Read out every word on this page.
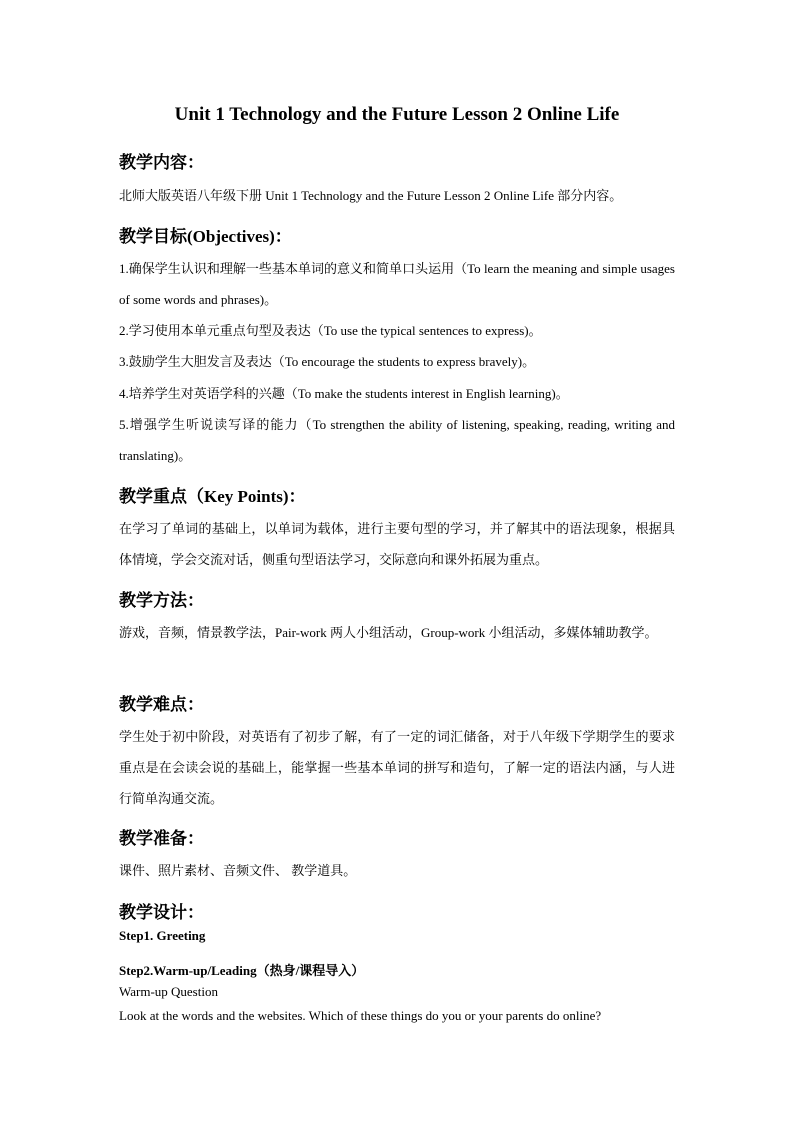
Unit 1 Technology and the Future Lesson 2 Online Life
教学内容：
北师大版英语八年级下册 Unit 1 Technology and the Future Lesson 2 Online Life 部分内容。
教学目标(Objectives)：
1.确保学生认识和理解一些基本单词的意义和简单口头运用（To learn the meaning and simple usages of some words and phrases)。
2.学习使用本单元重点句型及表达（To use the typical sentences to express)。
3.鼓励学生大胆发言及表达（To encourage the students to express bravely)。
4.培养学生对英语学科的兴趣（To make the students interest in English learning)。
5.增强学生听说读写译的能力（To strengthen the ability of listening, speaking, reading, writing and translating)。
教学重点（Key Points)：
在学习了单词的基础上，以单词为载体，进行主要句型的学习，并了解其中的语法现象，根据具体情境，学会交流对话，侧重句型语法学习，交际意向和课外拓展为重点。
教学方法：
游戏，音频，情景教学法，Pair-work 两人小组活动，Group-work 小组活动，多媒体辅助教学。
教学难点：
学生处于初中阶段，对英语有了初步了解，有了一定的词汇储备，对于八年级下学期学生的要求重点是在会读会说的基础上，能掌握一些基本单词的拼写和造句，了解一定的语法内涵，与人进行简单沟通交流。
教学准备：
课件、照片素材、音频文件、 教学道具。
教学设计：
Step1. Greeting
Step2.Warm-up/Leading（热身/课程导入）
Warm-up Question
Look at the words and the websites. Which of these things do you or your parents do online?
